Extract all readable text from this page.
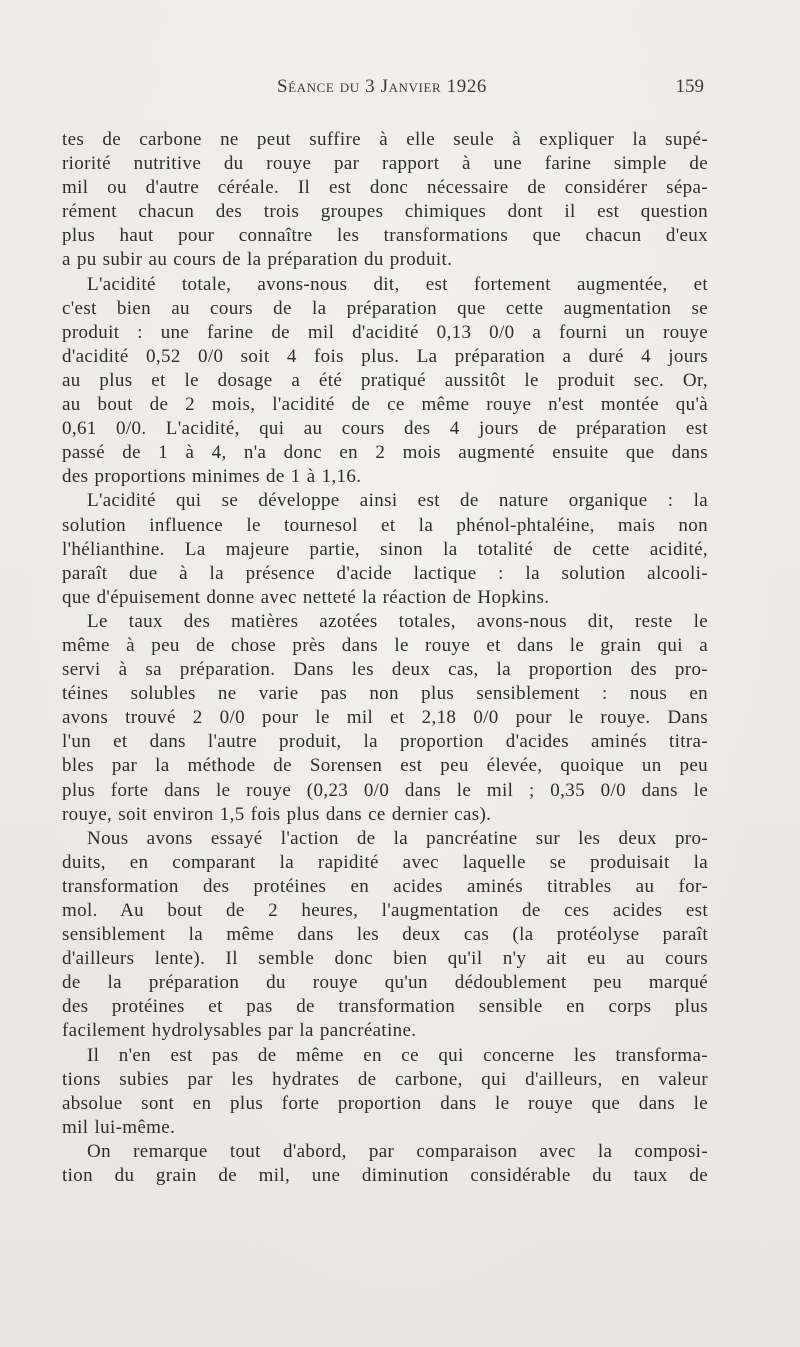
Séance du 3 Janvier 1926	159
tes de carbone ne peut suffire à elle seule à expliquer la supé-
riorité nutritive du rouye par rapport à une farine simple de
mil ou d'autre céréale. Il est donc nécessaire de considérer sépa-
rément chacun des trois groupes chimiques dont il est question
plus haut pour connaître les transformations que chacun d'eux
a pu subir au cours de la préparation du produit.
L'acidité totale, avons-nous dit, est fortement augmentée, et
c'est bien au cours de la préparation que cette augmentation se
produit : une farine de mil d'acidité 0,13 0/0 a fourni un rouye
d'acidité 0,52 0/0 soit 4 fois plus. La préparation a duré 4 jours
au plus et le dosage a été pratiqué aussitôt le produit sec. Or,
au bout de 2 mois, l'acidité de ce même rouye n'est montée qu'à
0,61 0/0. L'acidité, qui au cours des 4 jours de préparation est
passé de 1 à 4, n'a donc en 2 mois augmenté ensuite que dans
des proportions minimes de 1 à 1,16.
L'acidité qui se développe ainsi est de nature organique : la
solution influence le tournesol et la phénol-phtaléine, mais non
l'hélianthine. La majeure partie, sinon la totalité de cette acidité,
paraît due à la présence d'acide lactique : la solution alcooli-
que d'épuisement donne avec netteté la réaction de Hopkins.
Le taux des matières azotées totales, avons-nous dit, reste le
même à peu de chose près dans le rouye et dans le grain qui a
servi à sa préparation. Dans les deux cas, la proportion des pro-
téines solubles ne varie pas non plus sensiblement : nous en
avons trouvé 2 0/0 pour le mil et 2,18 0/0 pour le rouye. Dans
l'un et dans l'autre produit, la proportion d'acides aminés titra-
bles par la méthode de Sorensen est peu élevée, quoique un peu
plus forte dans le rouye (0,23 0/0 dans le mil ; 0,35 0/0 dans le
rouye, soit environ 1,5 fois plus dans ce dernier cas).
Nous avons essayé l'action de la pancréatine sur les deux pro-
duits, en comparant la rapidité avec laquelle se produisait la
transformation des protéines en acides aminés titrables au for-
mol. Au bout de 2 heures, l'augmentation de ces acides est
sensiblement la même dans les deux cas (la protéolyse paraît
d'ailleurs lente). Il semble donc bien qu'il n'y ait eu au cours
de la préparation du rouye qu'un dédoublement peu marqué
des protéines et pas de transformation sensible en corps plus
facilement hydrolysables par la pancréatine.
Il n'en est pas de même en ce qui concerne les transforma-
tions subies par les hydrates de carbone, qui d'ailleurs, en valeur
absolue sont en plus forte proportion dans le rouye que dans le
mil lui-même.
On remarque tout d'abord, par comparaison avec la composi-
tion du grain de mil, une diminution considérable du taux de
